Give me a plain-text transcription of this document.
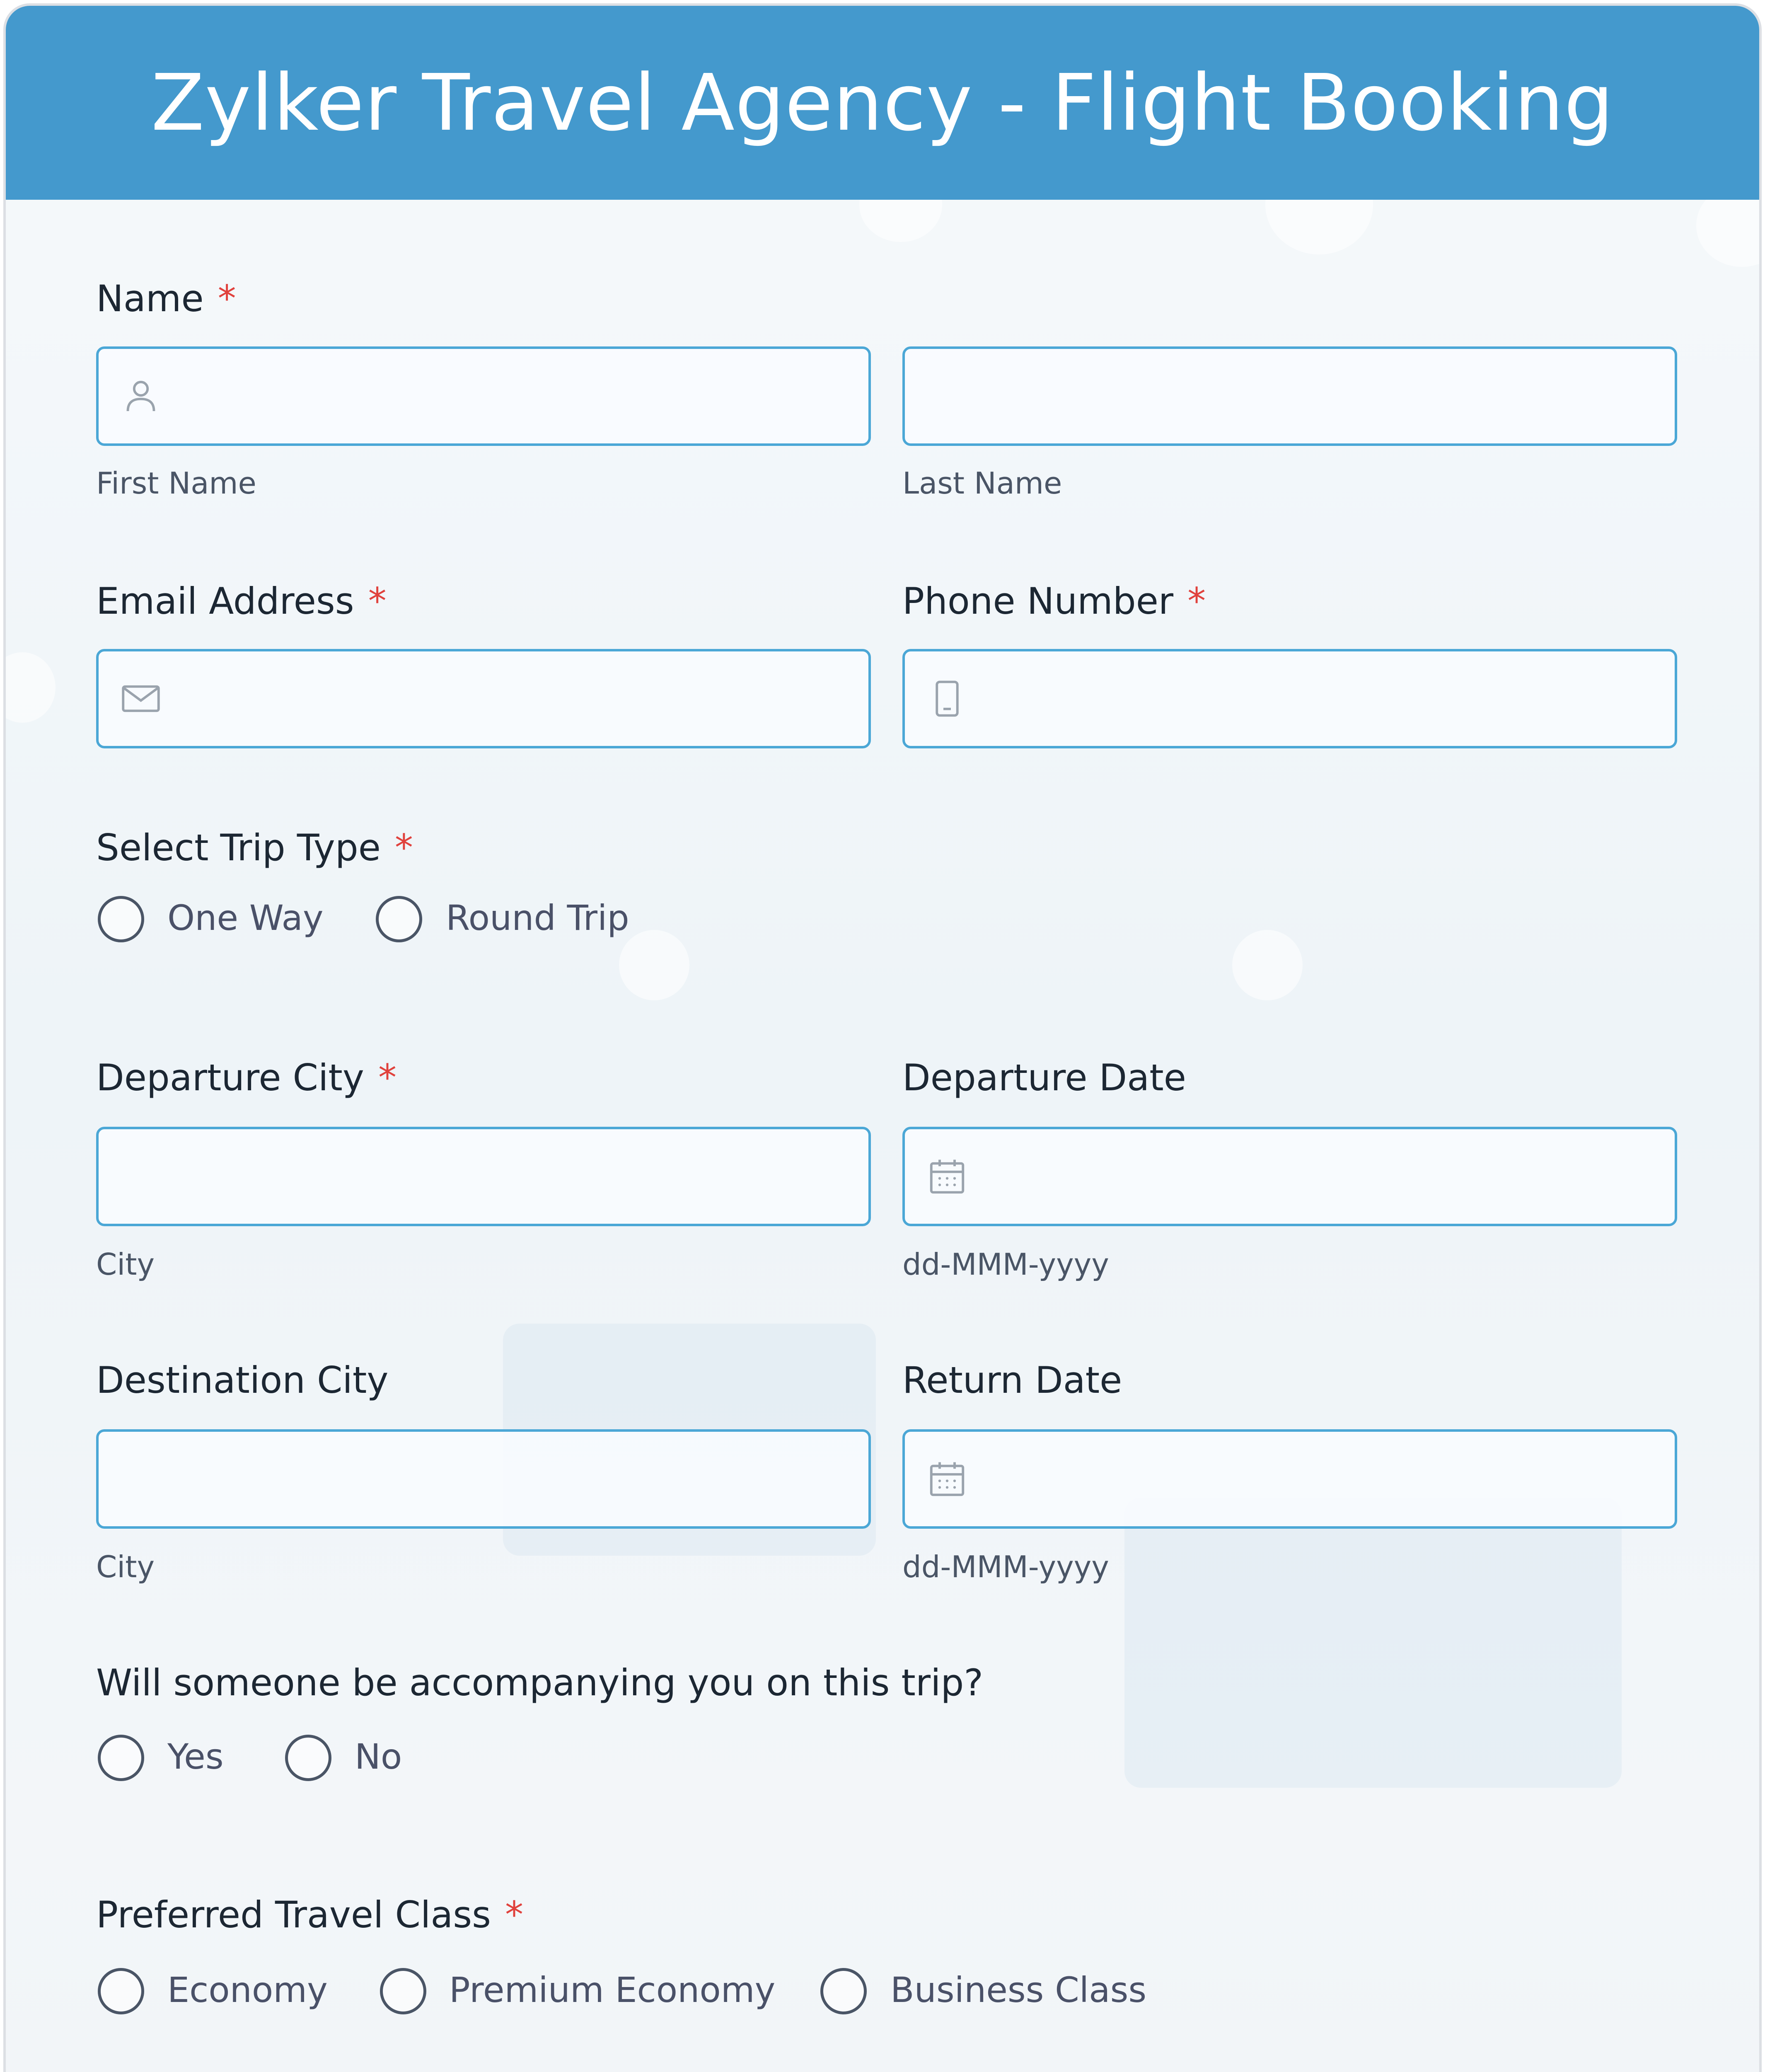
Zylker Travel Agency - Flight Booking
Name *
First Name	Last Name
Email Address *	Phone Number *
Select Trip Type *
One Way	Round Trip
Departure City *	Departure Date
City	dd-MMM-yyyy
Destination City	Return Date
City	dd-MMM-yyyy
Will someone be accompanying you on this trip?
Yes	No
Preferred Travel Class *
Economy	Premium Economy	Business Class
